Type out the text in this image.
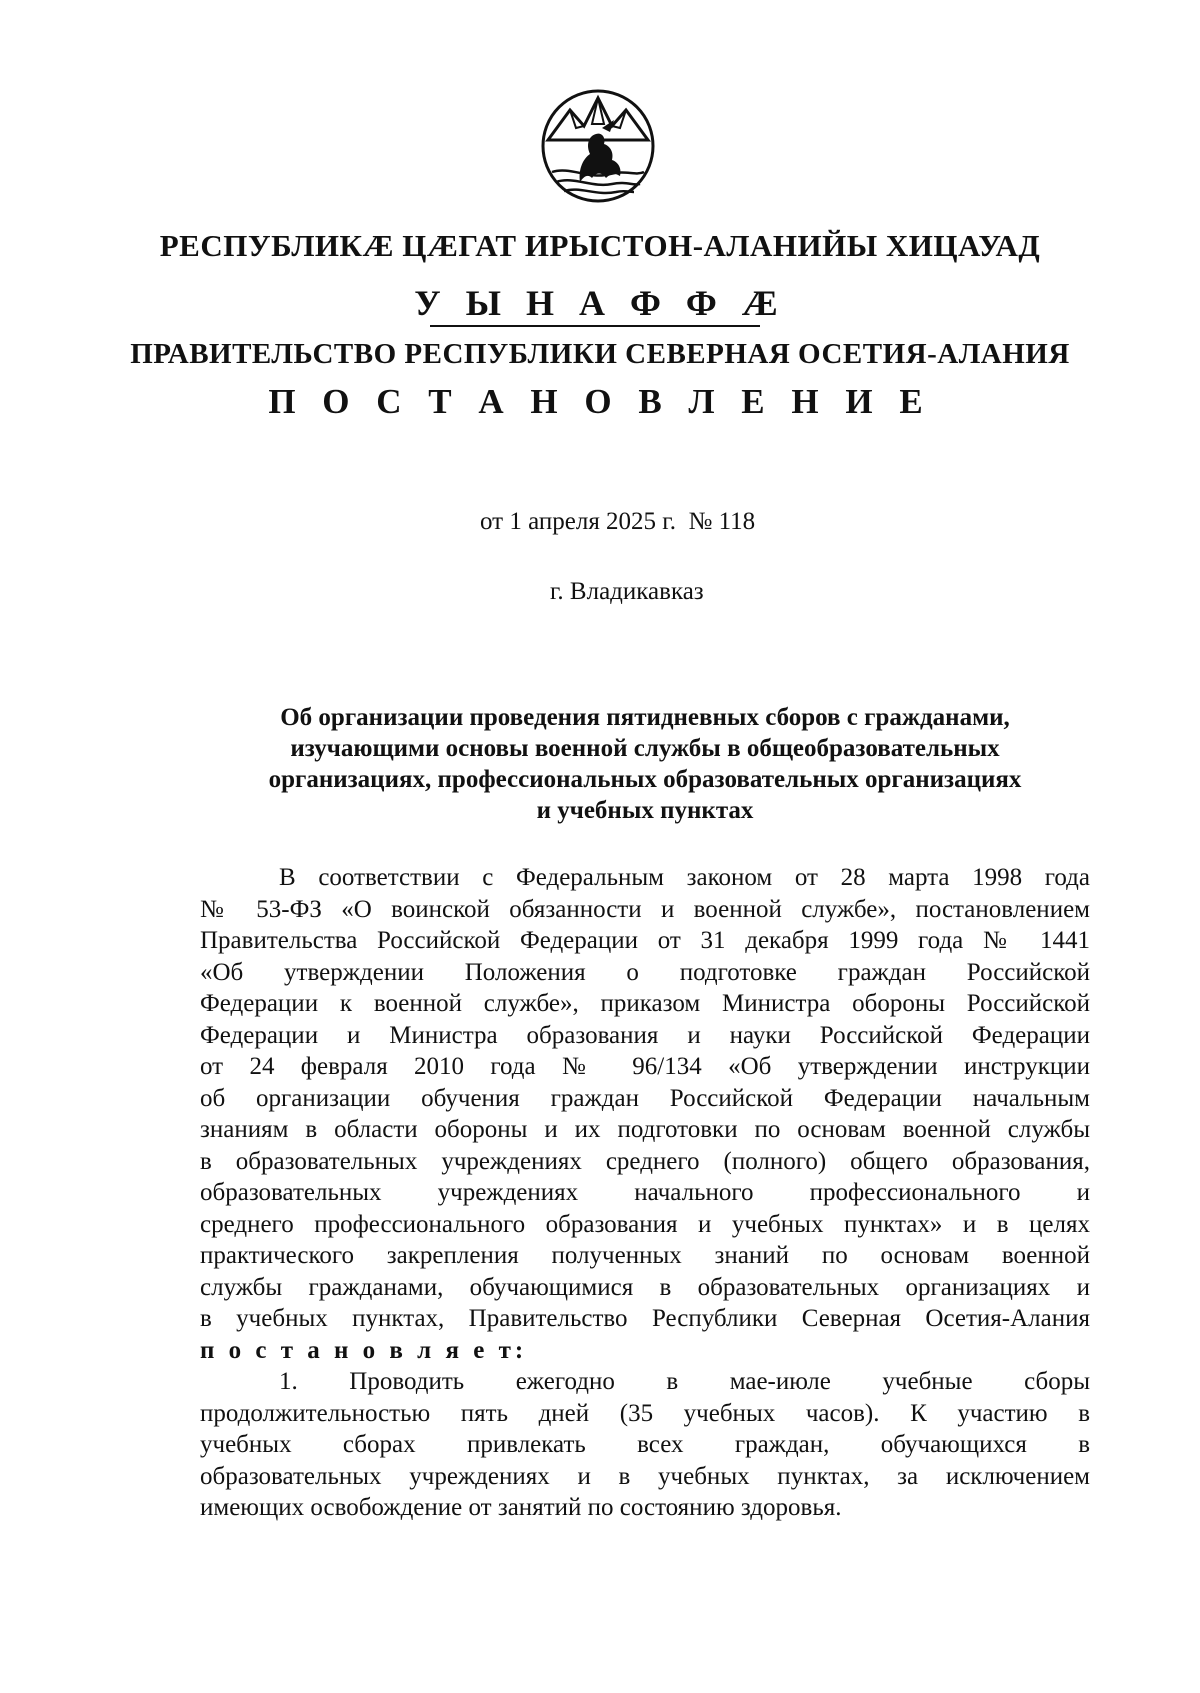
РЕСПУБЛИКÆ ЦÆГАТ ИРЫСТОН-АЛАНИЙЫ ХИЦАУАД
У Ы Н А Ф Ф Æ
ПРАВИТЕЛЬСТВО РЕСПУБЛИКИ СЕВЕРНАЯ ОСЕТИЯ-АЛАНИЯ
П О С Т А Н О В Л Е Н И Е
от 1 апреля 2025 г.  № 118
г. Владикавказ
Об организации проведения пятидневных сборов с гражданами,
изучающими основы военной службы в общеобразовательных
организациях, профессиональных образовательных организациях
и учебных пунктах
В соответствии с Федеральным законом от 28 марта 1998 года
№ 53-ФЗ «О воинской обязанности и военной службе», постановлением
Правительства Российской Федерации от 31 декабря 1999 года № 1441
«Об утверждении Положения о подготовке граждан Российской
Федерации к военной службе», приказом Министра обороны Российской
Федерации и Министра образования и науки Российской Федерации
от 24 февраля 2010 года № 96/134 «Об утверждении инструкции
об организации обучения граждан Российской Федерации начальным
знаниям в области обороны и их подготовки по основам военной службы
в образовательных учреждениях среднего (полного) общего образования,
образовательных учреждениях начального профессионального и
среднего профессионального образования и учебных пунктах» и в целях
практического закрепления полученных знаний по основам военной
службы гражданами, обучающимися в образовательных организациях и
в учебных пунктах, Правительство Республики Северная Осетия-Алания
п о с т а н о в л я е т:
1. Проводить ежегодно в мае-июле учебные сборы
продолжительностью пять дней (35 учебных часов). К участию в
учебных сборах привлекать всех граждан, обучающихся в
образовательных учреждениях и в учебных пунктах, за исключением
имеющих освобождение от занятий по состоянию здоровья.
